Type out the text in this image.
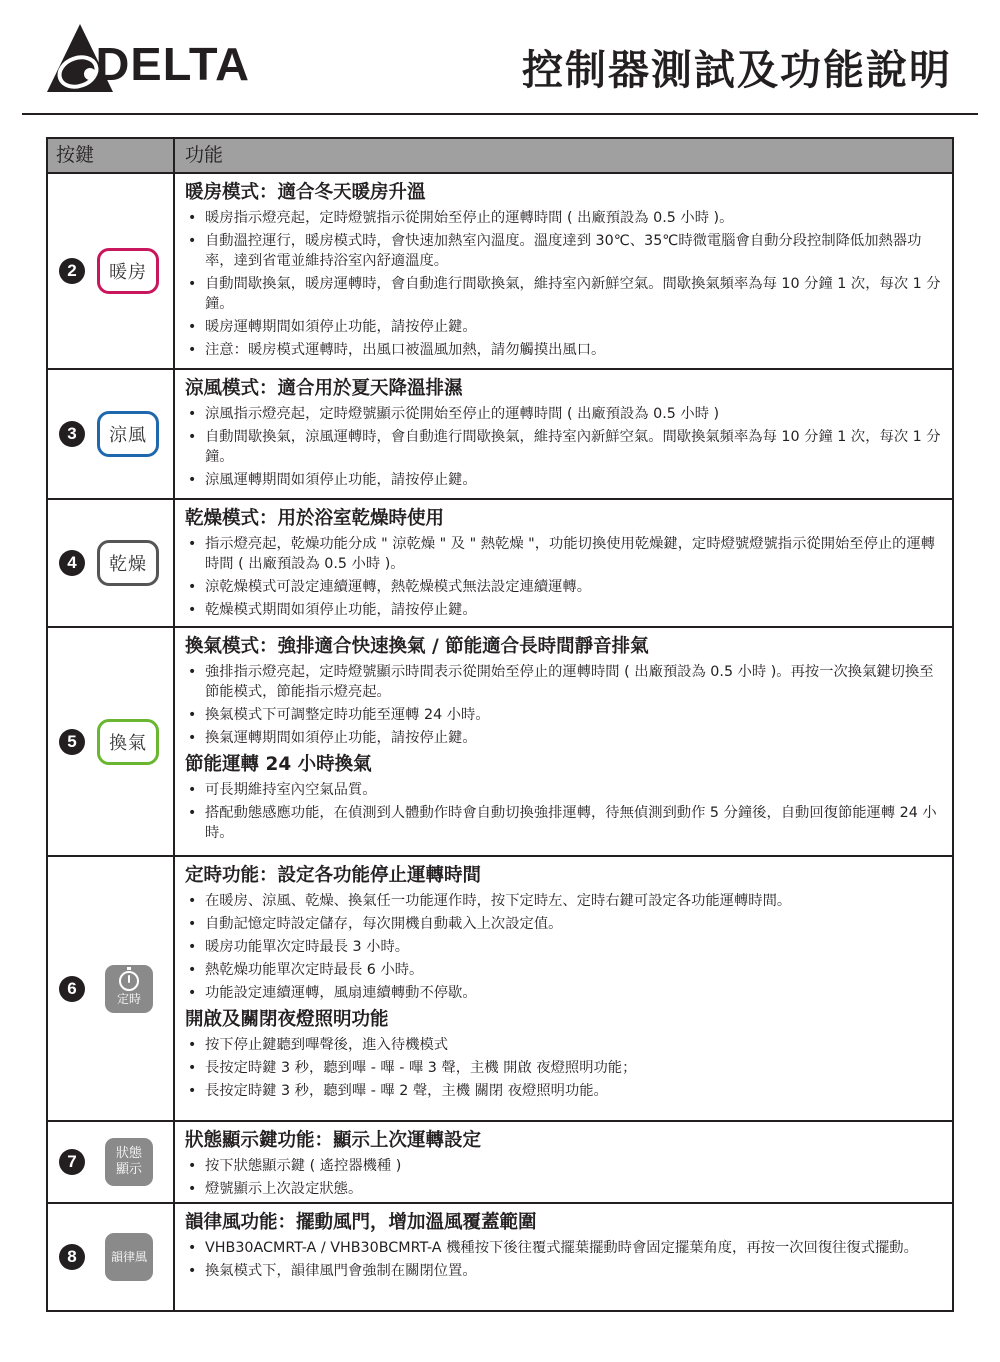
DELTA	控制器測試及功能說明
按鍵	功能
2	暖房
暖房模式：適合冬天暖房升溫
• 暖房指示燈亮起，定時燈號指示從開始至停止的運轉時間 ( 出廠預設為 0.5 小時 )。
• 自動溫控運行，暖房模式時，會快速加熱室內溫度。溫度達到 30℃、35℃時微電腦會自動分段控制降低加熱器功率，達到省電並維持浴室內舒適溫度。
• 自動間歇換氣，暖房運轉時，會自動進行間歇換氣，維持室內新鮮空氣。間歇換氣頻率為每 10 分鐘 1 次，每次 1 分鐘。
• 暖房運轉期間如須停止功能，請按停止鍵。
• 注意：暖房模式運轉時，出風口被溫風加熱，請勿觸摸出風口。
3	涼風
涼風模式：適合用於夏天降溫排濕
• 涼風指示燈亮起，定時燈號顯示從開始至停止的運轉時間 ( 出廠預設為 0.5 小時 )
• 自動間歇換氣，涼風運轉時，會自動進行間歇換氣，維持室內新鮮空氣。間歇換氣頻率為每 10 分鐘 1 次，每次 1 分鐘。
• 涼風運轉期間如須停止功能，請按停止鍵。
4	乾燥
乾燥模式：用於浴室乾燥時使用
• 指示燈亮起，乾燥功能分成 " 涼乾燥 " 及 " 熱乾燥 "，功能切換使用乾燥鍵，定時燈號燈號指示從開始至停止的運轉時間 ( 出廠預設為 0.5 小時 )。
• 涼乾燥模式可設定連續運轉，熱乾燥模式無法設定連續運轉。
• 乾燥模式期間如須停止功能，請按停止鍵。
5	換氣
換氣模式：強排適合快速換氣 / 節能適合長時間靜音排氣
• 強排指示燈亮起，定時燈號顯示時間表示從開始至停止的運轉時間 ( 出廠預設為 0.5 小時 )。再按一次換氣鍵切換至節能模式，節能指示燈亮起。
• 換氣模式下可調整定時功能至運轉 24 小時。
• 換氣運轉期間如須停止功能，請按停止鍵。
節能運轉 24 小時換氣
• 可長期維持室內空氣品質。
• 搭配動態感應功能，在偵測到人體動作時會自動切換強排運轉，待無偵測到動作 5 分鐘後，自動回復節能運轉 24 小時。
6
定時
定時功能：設定各功能停止運轉時間
• 在暖房、涼風、乾燥、換氣任一功能運作時，按下定時左、定時右鍵可設定各功能運轉時間。
• 自動記憶定時設定儲存，每次開機自動載入上次設定值。
• 暖房功能單次定時最長 3 小時。
• 熱乾燥功能單次定時最長 6 小時。
• 功能設定連續運轉，風扇連續轉動不停歇。
開啟及關閉夜燈照明功能
• 按下停止鍵聽到嗶聲後，進入待機模式
• 長按定時鍵 3 秒，聽到嗶 - 嗶 - 嗶 3 聲，主機 開啟 夜燈照明功能；
• 長按定時鍵 3 秒，聽到嗶 - 嗶 2 聲，主機 關閉 夜燈照明功能。
7	狀態
顯示
狀態顯示鍵功能：顯示上次運轉設定
• 按下狀態顯示鍵 ( 遙控器機種 )
• 燈號顯示上次設定狀態。
8	韻律風
韻律風功能：擺動風門，增加溫風覆蓋範圍
• VHB30ACMRT-A / VHB30BCMRT-A 機種按下後往覆式擺葉擺動時會固定擺葉角度，再按一次回復往復式擺動。
• 換氣模式下，韻律風門會強制在關閉位置。
